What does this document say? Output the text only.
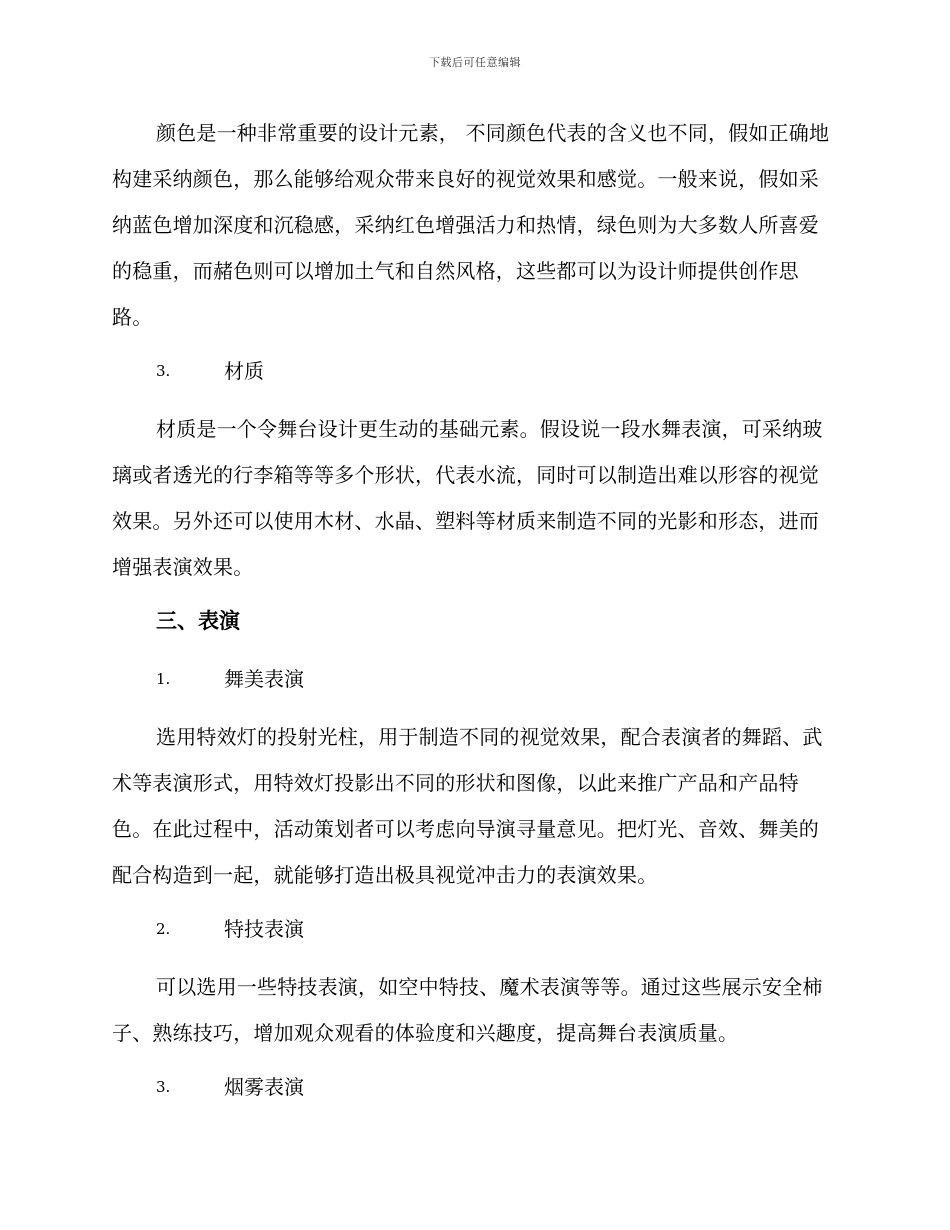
下载后可任意编辑

颜色是一种非常重要的设计元素， 不同颜色代表的含义也不同，假如正确地构建采纳颜色，那么能够给观众带来良好的视觉效果和感觉。一般来说，假如采纳蓝色增加深度和沉稳感，采纳红色增强活力和热情，绿色则为大多数人所喜爱的稳重，而赭色则可以增加土气和自然风格，这些都可以为设计师提供创作思路。

3.	材质

材质是一个令舞台设计更生动的基础元素。假设说一段水舞表演，可采纳玻璃或者透光的行李箱等等多个形状，代表水流，同时可以制造出难以形容的视觉效果。另外还可以使用木材、水晶、塑料等材质来制造不同的光影和形态，进而增强表演效果。

三、表演
1.	舞美表演

选用特效灯的投射光柱，用于制造不同的视觉效果，配合表演者的舞蹈、武术等表演形式，用特效灯投影出不同的形状和图像，以此来推广产品和产品特色。在此过程中，活动策划者可以考虑向导演寻量意见。把灯光、音效、舞美的配合构造到一起，就能够打造出极具视觉冲击力的表演效果。

2.	特技表演

可以选用一些特技表演，如空中特技、魔术表演等等。通过这些展示安全柿子、熟练技巧，增加观众观看的体验度和兴趣度，提高舞台表演质量。

3.	烟雾表演
